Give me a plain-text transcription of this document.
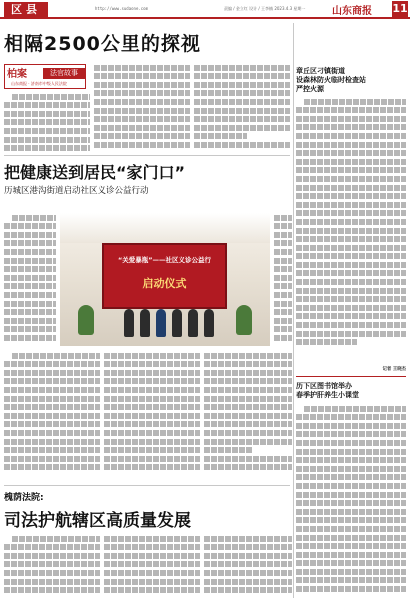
区县	http://www.sudaone.com	责编 / 金立红 设计 / 王李楠 2023.4.3 星期一	山东商报 11
相隔2500公里的探视
柏案	法官故事
山东商报 · 济南市中级人民法院
把健康送到居民“家门口”
历城区港沟街道启动社区义诊公益行动
“关爱暴瓶”——社区义诊公益行
启动仪式
槐荫法院:
司法护航辖区高质量发展
章丘区刁镇街道
设森林防火临时检查站
严控火源
记者 王晓杰
历下区图书馆举办
春季护肝养生小课堂
